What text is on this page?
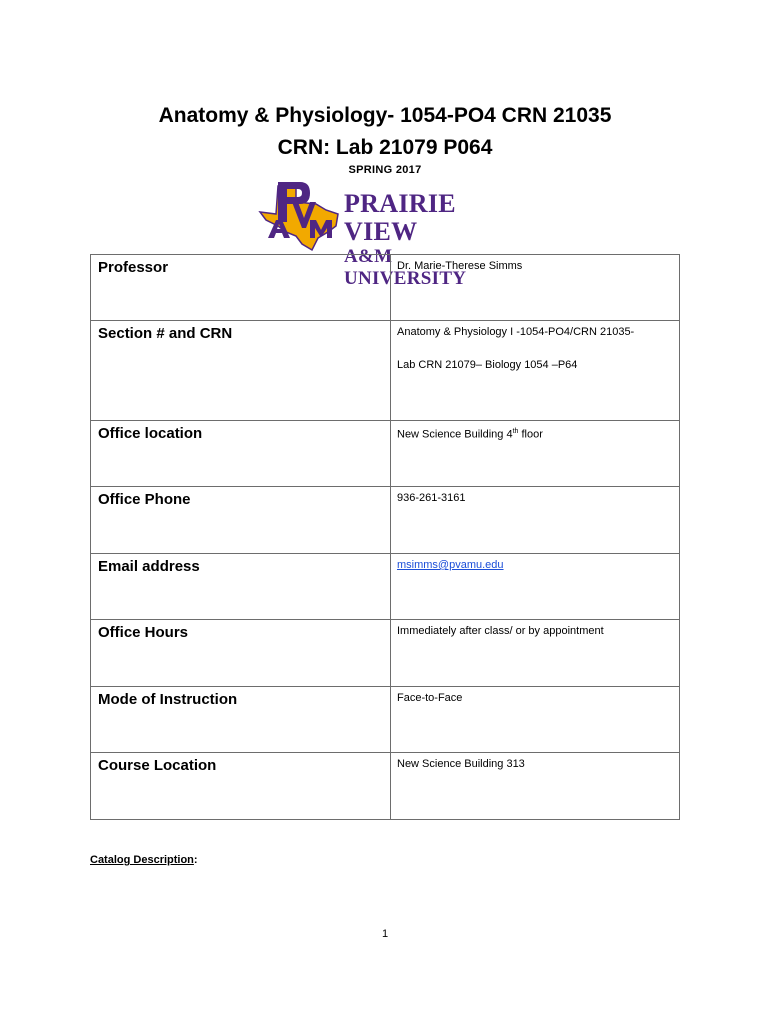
Anatomy & Physiology- 1054-PO4 CRN 21035
CRN: Lab 21079 P064
SPRING 2017
PRAIRIE VIEW
A&M UNIVERSITY
Professor	Dr. Marie-Therese Simms
Section # and CRN	Anatomy & Physiology I -1054-PO4/CRN 21035-
Lab CRN 21079– Biology 1054 –P64

Office location	New Science Building 4th floor
Office Phone	936-261-3161
Email address	msimms@pvamu.edu
Office Hours	Immediately after class/ or by appointment
Mode of Instruction	Face-to-Face
Course Location	New Science Building 313
Catalog Description:
1
